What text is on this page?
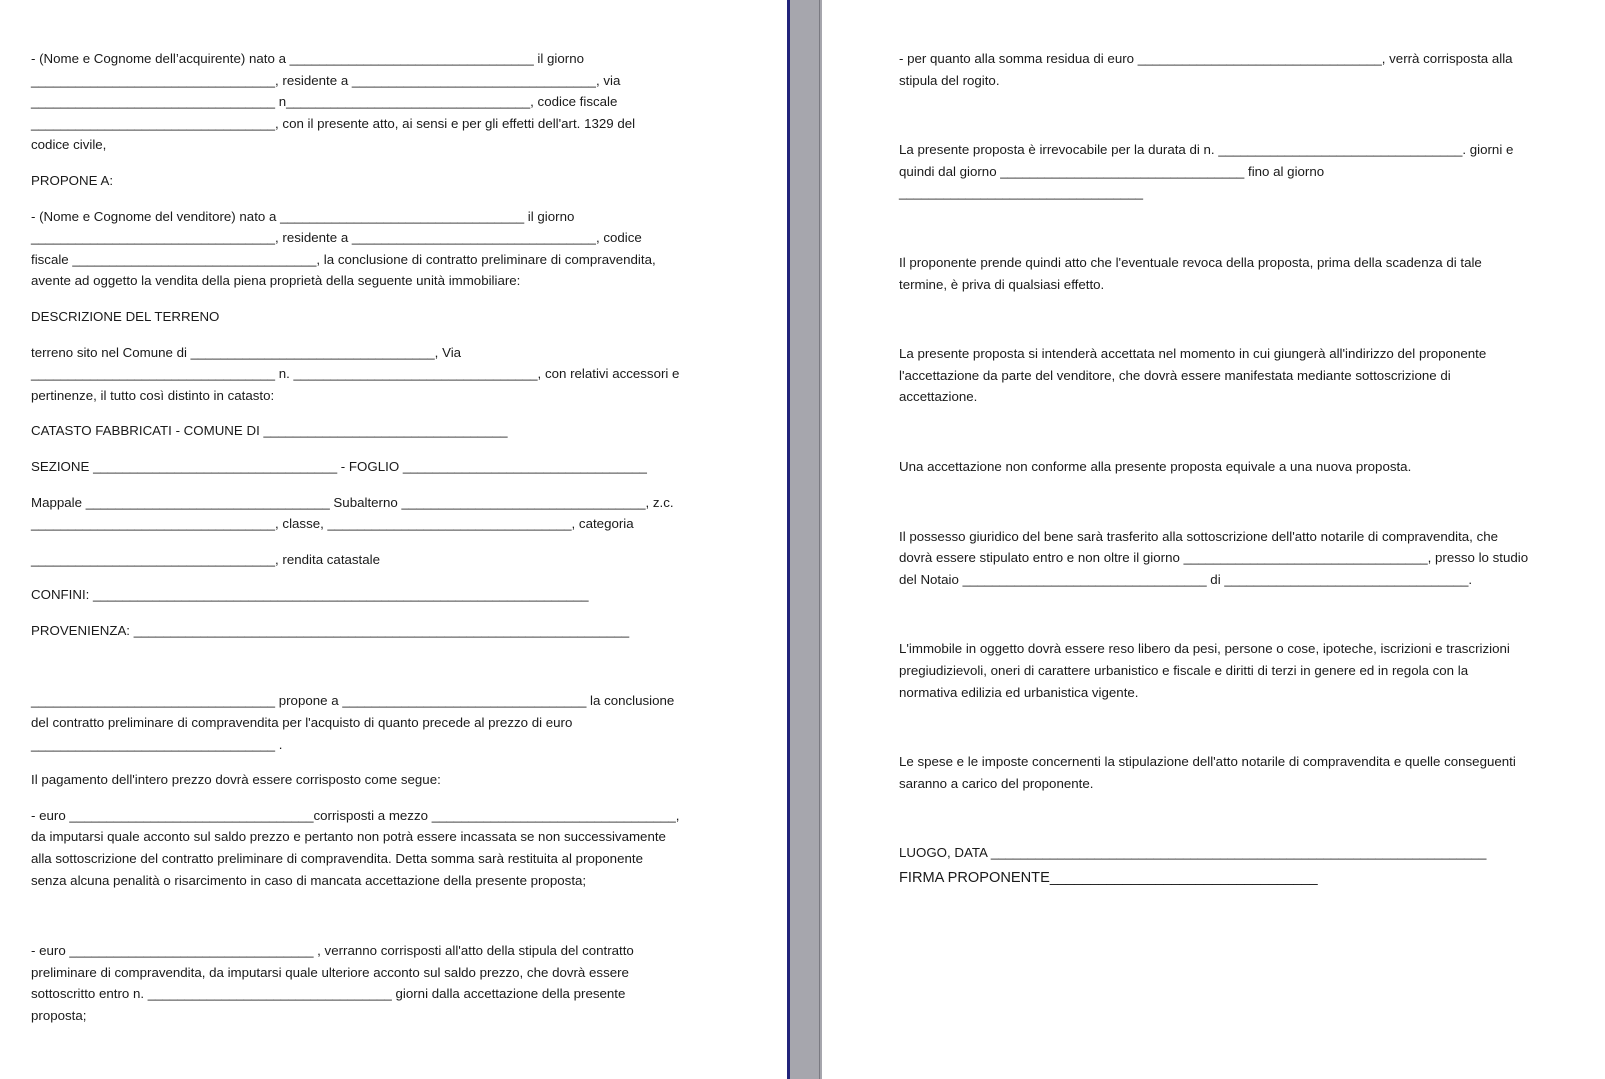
- (Nome e Cognome dell’acquirente) nato a _________________________________ il giorno
_________________________________, residente a _________________________________, via
_________________________________ n_________________________________, codice fiscale
_________________________________, con il presente atto, ai sensi e per gli effetti dell'art. 1329 del
codice civile,
PROPONE A:
- (Nome e Cognome del venditore) nato a _________________________________ il giorno
_________________________________, residente a _________________________________, codice
fiscale _________________________________, la conclusione di contratto preliminare di compravendita,
avente ad oggetto la vendita della piena proprietà della seguente unità immobiliare:
DESCRIZIONE DEL TERRENO
terreno sito nel Comune di _________________________________, Via
_________________________________ n. _________________________________, con relativi accessori e
pertinenze, il tutto così distinto in catasto:
CATASTO FABBRICATI - COMUNE DI _________________________________
SEZIONE _________________________________ - FOGLIO _________________________________
Mappale _________________________________ Subalterno _________________________________, z.c.
_________________________________, classe, _________________________________, categoria
_________________________________, rendita catastale
CONFINI: ___________________________________________________________________
PROVENIENZA: ___________________________________________________________________
_________________________________ propone a _________________________________ la conclusione
del contratto preliminare di compravendita per l'acquisto di quanto precede al prezzo di euro
_________________________________ .
Il pagamento dell'intero prezzo dovrà essere corrisposto come segue:
- euro _________________________________corrisposti a mezzo _________________________________,
da imputarsi quale acconto sul saldo prezzo e pertanto non potrà essere incassata se non successivamente
alla sottoscrizione del contratto preliminare di compravendita. Detta somma sarà restituita al proponente
senza alcuna penalità o risarcimento in caso di mancata accettazione della presente proposta;
- euro _________________________________ , verranno corrisposti all'atto della stipula del contratto
preliminare di compravendita, da imputarsi quale ulteriore acconto sul saldo prezzo, che dovrà essere
sottoscritto entro n. _________________________________ giorni dalla accettazione della presente
proposta;
- per quanto alla somma residua di euro _________________________________, verrà corrisposta alla
stipula del rogito.
La presente proposta è irrevocabile per la durata di n. _________________________________. giorni e
quindi dal giorno _________________________________ fino al giorno
_________________________________
Il proponente prende quindi atto che l'eventuale revoca della proposta, prima della scadenza di tale
termine, è priva di qualsiasi effetto.
La presente proposta si intenderà accettata nel momento in cui giungerà all'indirizzo del proponente
l'accettazione da parte del venditore, che dovrà essere manifestata mediante sottoscrizione di
accettazione.
Una accettazione non conforme alla presente proposta equivale a una nuova proposta.
Il possesso giuridico del bene sarà trasferito alla sottoscrizione dell'atto notarile di compravendita, che
dovrà essere stipulato entro e non oltre il giorno _________________________________, presso lo studio
del Notaio _________________________________ di _________________________________.
L'immobile in oggetto dovrà essere reso libero da pesi, persone o cose, ipoteche, iscrizioni e trascrizioni
pregiudizievoli, oneri di carattere urbanistico e fiscale e diritti di terzi in genere ed in regola con la
normativa edilizia ed urbanistica vigente.
Le spese e le imposte concernenti la stipulazione dell'atto notarile di compravendita e quelle conseguenti
saranno a carico del proponente.
LUOGO, DATA ___________________________________________________________________
FIRMA PROPONENTE_________________________________
